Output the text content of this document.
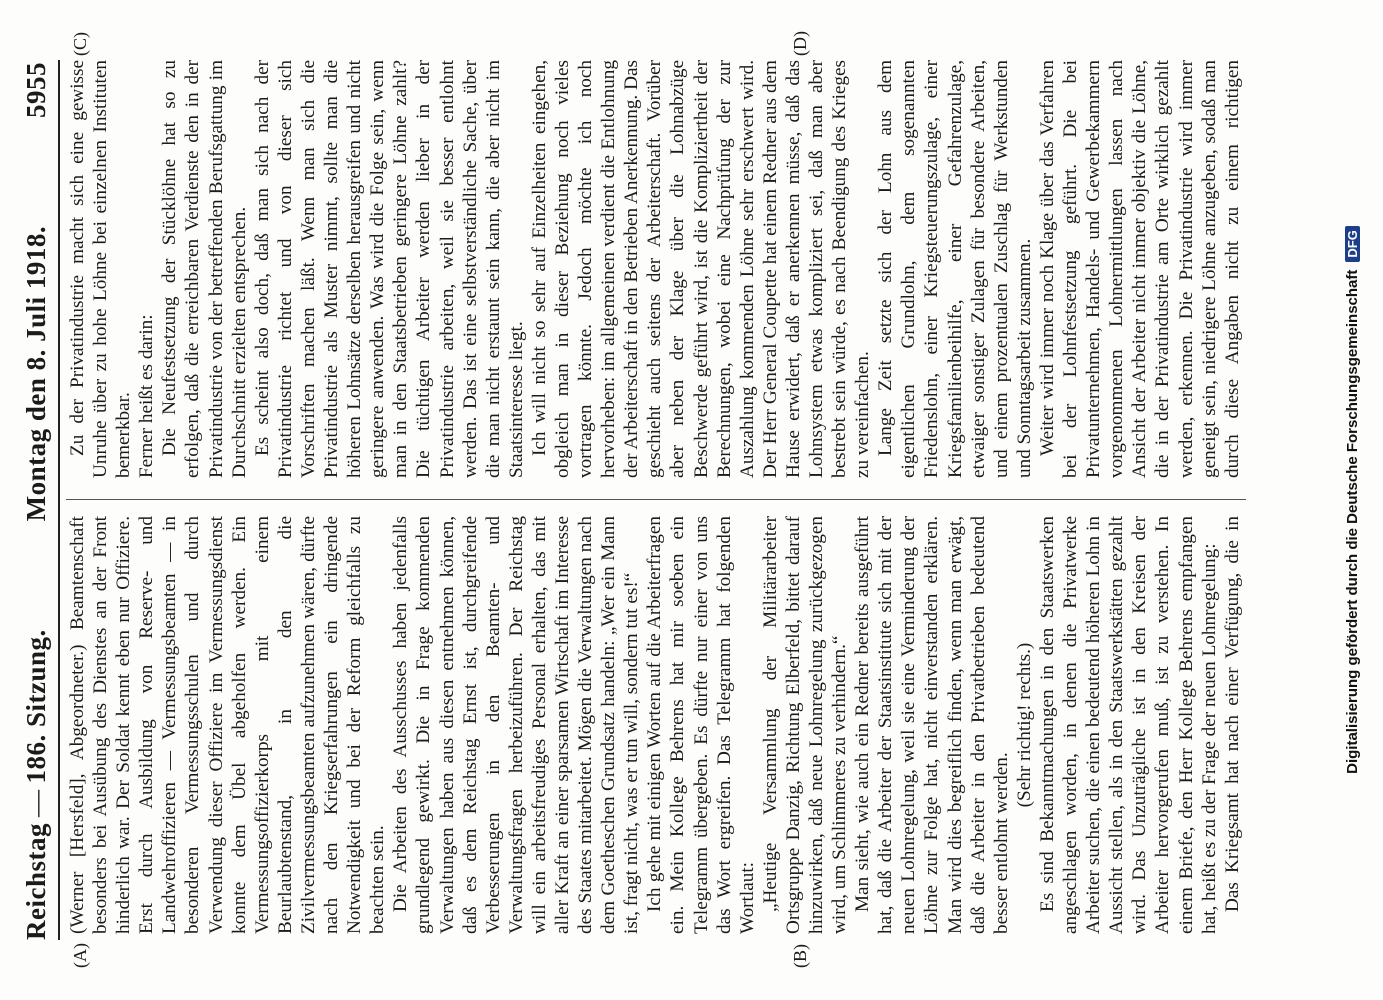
Reichstag—186. Sitzung.
Montag den 8. Juli 1918.
5955
(A)	(B)
(C)	(D)

(Werner [Hersfeld], Abgeordneter.) Beamtenschaft besonders bei Ausübung des Dienstes an der Front hinderlich war. Der Soldat kennt eben nur Offiziere. Erst durch Ausbildung von Reserve- und Landwehroffizieren — Vermessungsbeamten — in besonderen Vermessungsschulen und durch Verwendung dieser Offiziere im Vermessungsdienst konnte dem Übel abgeholfen werden. Ein Vermessungsoffizierkorps mit einem Beurlaubtenstand, in den die Zivilvermessungsbeamten aufzunehmen wären, dürfte nach den Kriegserfahrungen ein dringende Notwendigkeit und bei der Reform gleichfalls zu beachten sein. Die Arbeiten des Ausschusses haben jedenfalls grundlegend gewirkt. Die in Frage kommenden Verwaltungen haben aus diesen entnehmen können, daß es dem Reichstag Ernst ist, durchgreifende Verbesserungen in den Beamten- und Verwaltungsfragen herbeizuführen. Der Reichstag will ein arbeitsfreudiges Personal erhalten, das mit aller Kraft an einer sparsamen Wirtschaft im Interesse des Staates mitarbeitet. Mögen die Verwaltungen nach dem Goetheschen Grundsatz handeln: „Wer ein Mann ist, fragt nicht, was er tun will, sondern tut es!“ Ich gehe mit einigen Worten auf die Arbeiterfragen ein. Mein Kollege Behrens hat mir soeben ein Telegramm übergeben. Es dürfte nur einer von uns das Wort ergreifen. Das Telegramm hat folgenden Wortlaut: „Heutige Versammlung der Militärarbeiter Ortsgruppe Danzig, Richtung Elberfeld, bittet darauf hinzuwirken, daß neue Lohnregelung zurückgezogen wird, um Schlimmeres zu verhindern.“ Man sieht, wie auch ein Redner bereits ausgeführt hat, daß die Arbeiter der Staatsinstitute sich mit der neuen Lohnregelung, weil sie eine Verminderung der Löhne zur Folge hat, nicht einverstanden erklären. Man wird dies begreiflich finden, wenn man erwägt, daß die Arbeiter in den Privatbetrieben bedeutend besser entlohnt werden.

(Sehr richtig! rechts.) Es sind Bekanntmachungen in den Staatswerken angeschlagen worden, in denen die Privatwerke Arbeiter suchen, die einen bedeutend höheren Lohn in Aussicht stellen, als in den Staatswerkstätten gezahlt wird. Das Unzuträgliche ist in den Kreisen der Arbeiter hervorgerufen muß, ist zu verstehen. In einem Briefe, den Herr Kollege Behrens empfangen hat, heißt es zu der Frage der neuen Lohnregelung: Das Kriegsamt hat nach einer Verfügung, die in

Zu der Privatindustrie macht sich eine gewisse Unruhe über zu hohe Löhne bei einzelnen Instituten bemerkbar. Ferner heißt es darin: Die Neufestsetzung der Stücklöhne hat so zu erfolgen, daß die erreichbaren Verdienste den in der Privatindustrie von der betreffenden Berufsgattung im Durchschnitt erzielten entsprechen. Es scheint also doch, daß man sich nach der Privatindustrie richtet und von dieser sich Vorschriften machen läßt. Wenn man sich die Privatindustrie als Muster nimmt, sollte man die höheren Lohnsätze derselben herausgreifen und nicht geringere anwenden. Was wird die Folge sein, wenn man in den Staatsbetrieben geringere Löhne zahlt? Die tüchtigen Arbeiter werden lieber in der Privatindustrie arbeiten, weil sie besser entlohnt werden. Das ist eine selbstverständliche Sache, über die man nicht erstaunt sein kann, die aber nicht im Staatsinteresse liegt. Ich will nicht so sehr auf Einzelheiten eingehen, obgleich man in dieser Beziehung noch vieles vortragen könnte. Jedoch möchte ich noch hervorheben: im allgemeinen verdient die Entlohnung der Arbeiterschaft in den Betrieben Anerkennung. Das geschieht auch seitens der Arbeiterschaft. Vorüber aber neben der Klage über die Lohnabzüge Beschwerde geführt wird, ist die Kompliziertheit der Berechnungen, wobei eine Nachprüfung der zur Auszahlung kommenden Löhne sehr erschwert wird. Der Herr General Coupette hat einem Redner aus dem Hause erwidert, daß er anerkennen müsse, daß das Lohnsystem etwas kompliziert sei, daß man aber bestrebt sein würde, es nach Beendigung des Krieges zu vereinfachen. Lange Zeit setzte sich der Lohn aus dem eigentlichen Grundlohn, dem sogenannten Friedenslohn, einer Kriegsteuerungszulage, einer Kriegsfamilienbeihilfe, einer Gefahrenzulage, etwaiger sonstiger Zulagen für besondere Arbeiten, und einem prozentualen Zuschlag für Werkstunden und Sonntagsarbeit zusammen. Weiter wird immer noch Klage über das Verfahren bei der Lohnfestsetzung geführt. Die bei Privatunternehmen, Handels- und Gewerbekammern vorgenommenen Lohnermittlungen lassen nach Ansicht der Arbeiter nicht immer objektiv die Löhne, die in der Privatindustrie am Orte wirklich gezahlt werden, erkennen. Die Privatindustrie wird immer geneigt sein, niedrigere Löhne anzugeben, sodaß man durch diese Angaben nicht zu einem richtigen

Digitalisierung gefördert durch die Deutsche Forschungsgemeinschaft
DFG
